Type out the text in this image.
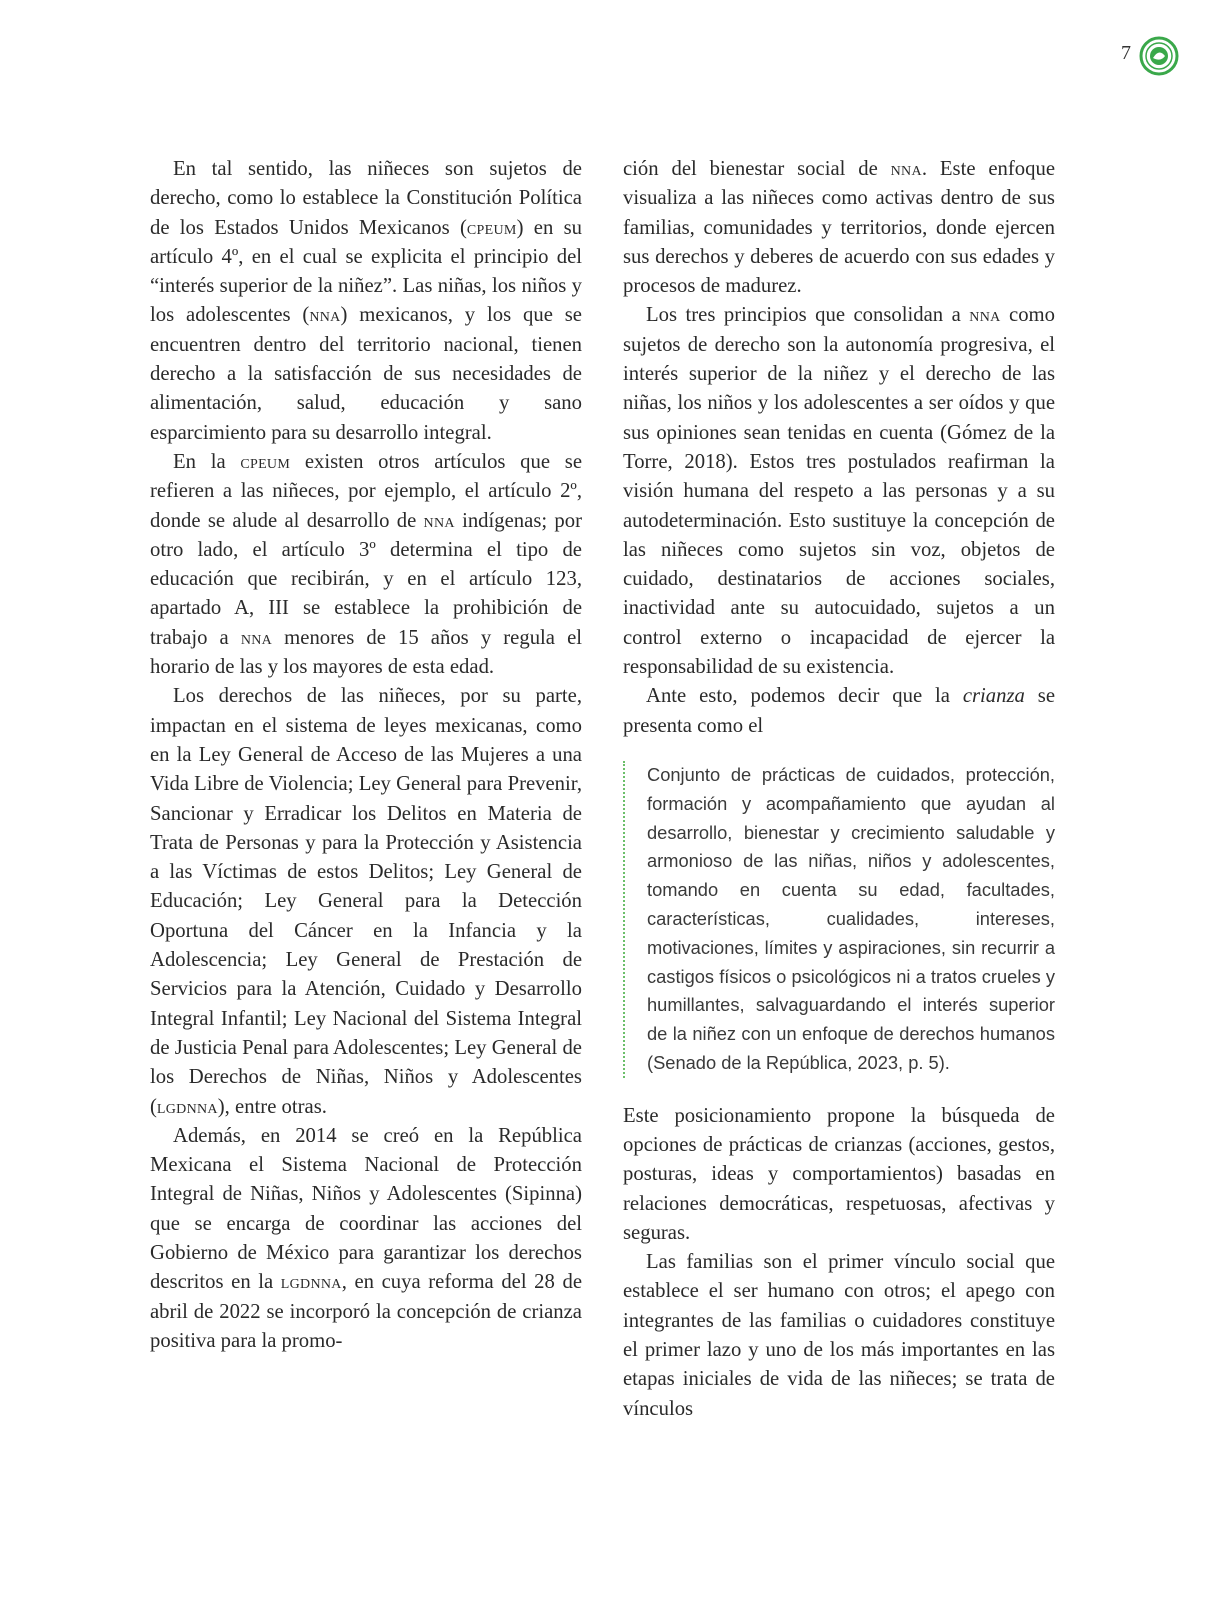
7

En tal sentido, las niñeces son sujetos de derecho, como lo establece la Constitución Política de los Estados Unidos Mexicanos (cpeum) en su artículo 4º, en el cual se explicita el principio del “interés superior de la niñez”. Las niñas, los niños y los adolescentes (nna) mexicanos, y los que se encuentren dentro del territorio nacional, tienen derecho a la satisfacción de sus necesidades de alimentación, salud, educación y sano esparcimiento para su desarrollo integral.

En la cpeum existen otros artículos que se refieren a las niñeces, por ejemplo, el artículo 2º, donde se alude al desarrollo de nna indígenas; por otro lado, el artículo 3º determina el tipo de educación que recibirán, y en el artículo 123, apartado A, III se establece la prohibición de trabajo a nna menores de 15 años y regula el horario de las y los mayores de esta edad.

Los derechos de las niñeces, por su parte, impactan en el sistema de leyes mexicanas, como en la Ley General de Acceso de las Mujeres a una Vida Libre de Violencia; Ley General para Prevenir, Sancionar y Erradicar los Delitos en Materia de Trata de Personas y para la Protección y Asistencia a las Víctimas de estos Delitos; Ley General de Educación; Ley General para la Detección Oportuna del Cáncer en la Infancia y la Adolescencia; Ley General de Prestación de Servicios para la Atención, Cuidado y Desarrollo Integral Infantil; Ley Nacional del Sistema Integral de Justicia Penal para Adolescentes; Ley General de los Derechos de Niñas, Niños y Adolescentes (lgdnna), entre otras.

Además, en 2014 se creó en la República Mexicana el Sistema Nacional de Protección Integral de Niñas, Niños y Adolescentes (Sipinna) que se encarga de coordinar las acciones del Gobierno de México para garantizar los derechos descritos en la lgdnna, en cuya reforma del 28 de abril de 2022 se incorporó la concepción de crianza positiva para la promo-

ción del bienestar social de nna. Este enfoque visualiza a las niñeces como activas dentro de sus familias, comunidades y territorios, donde ejercen sus derechos y deberes de acuerdo con sus edades y procesos de madurez.

Los tres principios que consolidan a nna como sujetos de derecho son la autonomía progresiva, el interés superior de la niñez y el derecho de las niñas, los niños y los adolescentes a ser oídos y que sus opiniones sean tenidas en cuenta (Gómez de la Torre, 2018). Estos tres postulados reafirman la visión humana del respeto a las personas y a su autodeterminación. Esto sustituye la concepción de las niñeces como sujetos sin voz, objetos de cuidado, destinatarios de acciones sociales, inactividad ante su autocuidado, sujetos a un control externo o incapacidad de ejercer la responsabilidad de su existencia.

Ante esto, podemos decir que la crianza se presenta como el

Conjunto de prácticas de cuidados, protección, formación y acompañamiento que ayudan al desarrollo, bienestar y crecimiento saludable y armonioso de las niñas, niños y adolescentes, tomando en cuenta su edad, facultades, características, cualidades, intereses, motivaciones, límites y aspiraciones, sin recurrir a castigos físicos o psicológicos ni a tratos crueles y humillantes, salvaguardando el interés superior de la niñez con un enfoque de derechos humanos (Senado de la República, 2023, p. 5).

Este posicionamiento propone la búsqueda de opciones de prácticas de crianzas (acciones, gestos, posturas, ideas y comportamientos) basadas en relaciones democráticas, respetuosas, afectivas y seguras.

Las familias son el primer vínculo social que establece el ser humano con otros; el apego con integrantes de las familias o cuidadores constituye el primer lazo y uno de los más importantes en las etapas iniciales de vida de las niñeces; se trata de vínculos
